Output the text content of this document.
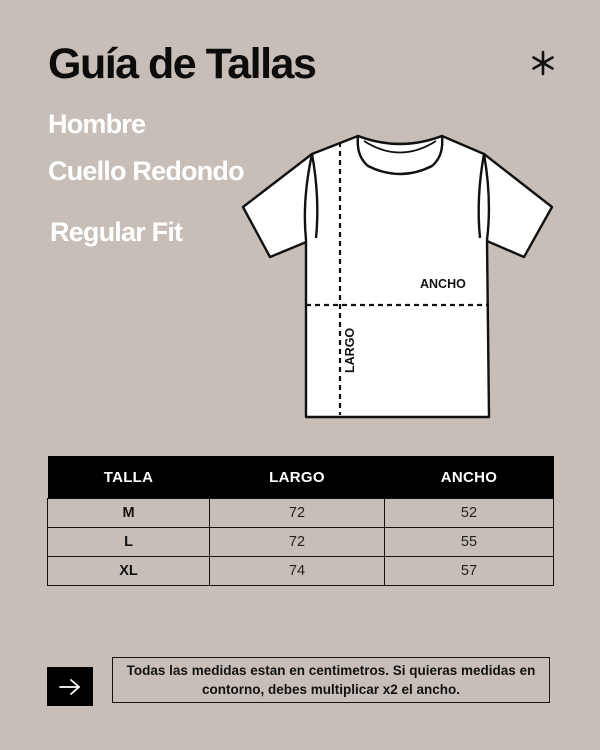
Guía de Tallas
Hombre
Cuello Redondo
Regular Fit
ANCHO
LARGO
TALLA	LARGO	ANCHO
M	72	52
L	72	55
XL	74	57

Todas las medidas estan en centimetros. Si quieras medidas en contorno, debes multiplicar x2 el ancho.
